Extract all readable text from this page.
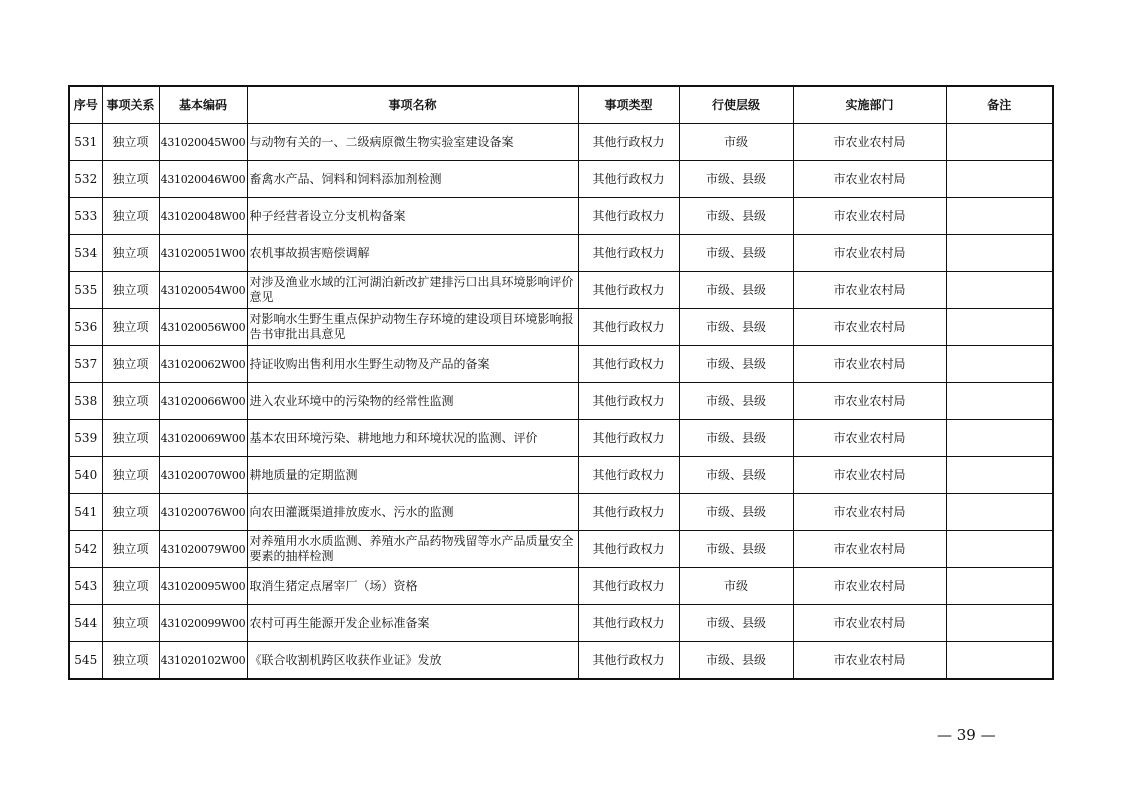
序号	事项关系	基本编码	事项名称	事项类型	行使层级	实施部门	备注
531	独立项	431020045W00	与动物有关的一、二级病原微生物实验室建设备案	其他行政权力	市级	市农业农村局	
532	独立项	431020046W00	畜禽水产品、饲料和饲料添加剂检测	其他行政权力	市级、县级	市农业农村局	
533	独立项	431020048W00	种子经营者设立分支机构备案	其他行政权力	市级、县级	市农业农村局	
534	独立项	431020051W00	农机事故损害赔偿调解	其他行政权力	市级、县级	市农业农村局	
535	独立项	431020054W00	对涉及渔业水域的江河湖泊新改扩建排污口出具环境影响评价意见	其他行政权力	市级、县级	市农业农村局	
536	独立项	431020056W00	对影响水生野生重点保护动物生存环境的建设项目环境影响报告书审批出具意见	其他行政权力	市级、县级	市农业农村局	
537	独立项	431020062W00	持证收购出售利用水生野生动物及产品的备案	其他行政权力	市级、县级	市农业农村局	
538	独立项	431020066W00	进入农业环境中的污染物的经常性监测	其他行政权力	市级、县级	市农业农村局	
539	独立项	431020069W00	基本农田环境污染、耕地地力和环境状况的监测、评价	其他行政权力	市级、县级	市农业农村局	
540	独立项	431020070W00	耕地质量的定期监测	其他行政权力	市级、县级	市农业农村局	
541	独立项	431020076W00	向农田灌溉渠道排放废水、污水的监测	其他行政权力	市级、县级	市农业农村局	
542	独立项	431020079W00	对养殖用水水质监测、养殖水产品药物残留等水产品质量安全要素的抽样检测	其他行政权力	市级、县级	市农业农村局	
543	独立项	431020095W00	取消生猪定点屠宰厂（场）资格	其他行政权力	市级	市农业农村局	
544	独立项	431020099W00	农村可再生能源开发企业标准备案	其他行政权力	市级、县级	市农业农村局	
545	独立项	431020102W00	《联合收割机跨区收获作业证》发放	其他行政权力	市级、县级	市农业农村局	
— 39 —
